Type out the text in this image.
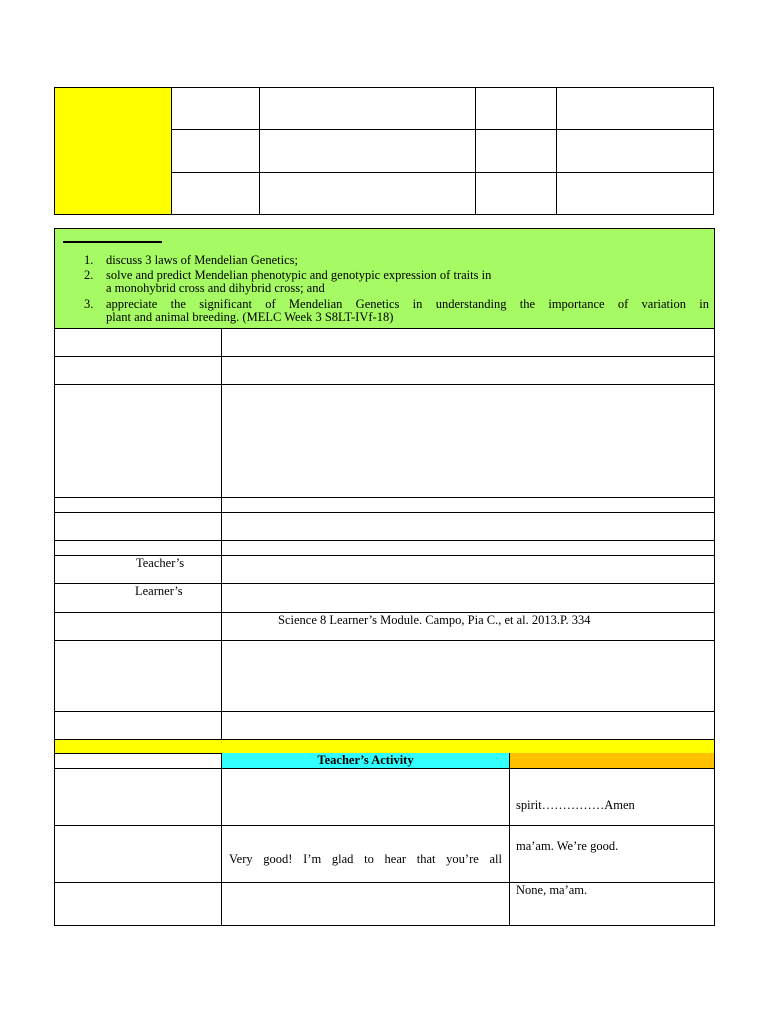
1. discuss 3 laws of Mendelian Genetics;
2. solve and predict Mendelian phenotypic and genotypic expression of traits in
a monohybrid cross and dihybrid cross; and
3. appreciate the significant of Mendelian Genetics in understanding the importance of variation in
plant and animal breeding. (MELC Week 3 S8LT-IVf-18)
Teacher’s
Learner’s
Science 8 Learner’s Module. Campo, Pia C., et al. 2013.P. 334
Teacher’s Activity
spirit……………Amen
Very good! I’m glad to hear that you’re all
ma’am. We’re good.
None, ma’am.
